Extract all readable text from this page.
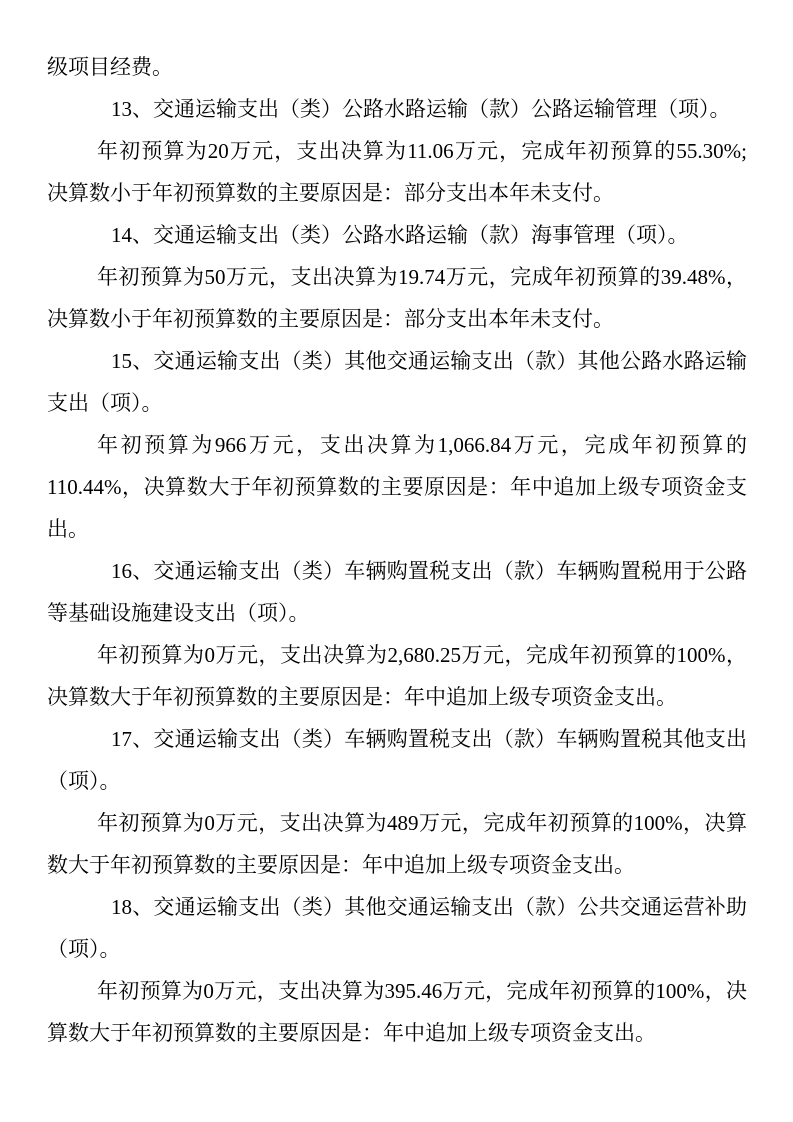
级项目经费。
13、交通运输支出（类）公路水路运输（款）公路运输管理（项）。
年初预算为20万元，支出决算为11.06万元，完成年初预算的55.30%;
决算数小于年初预算数的主要原因是：部分支出本年未支付。
14、交通运输支出（类）公路水路运输（款）海事管理（项）。
年初预算为50万元，支出决算为19.74万元，完成年初预算的39.48%，
决算数小于年初预算数的主要原因是：部分支出本年未支付。
15、交通运输支出（类）其他交通运输支出（款）其他公路水路运输
支出（项）。
年初预算为966万元，支出决算为1,066.84万元，完成年初预算的
110.44%，决算数大于年初预算数的主要原因是：年中追加上级专项资金支
出。
16、交通运输支出（类）车辆购置税支出（款）车辆购置税用于公路
等基础设施建设支出（项）。
年初预算为0万元，支出决算为2,680.25万元，完成年初预算的100%，
决算数大于年初预算数的主要原因是：年中追加上级专项资金支出。
17、交通运输支出（类）车辆购置税支出（款）车辆购置税其他支出
（项）。
年初预算为0万元，支出决算为489万元，完成年初预算的100%，决算
数大于年初预算数的主要原因是：年中追加上级专项资金支出。
18、交通运输支出（类）其他交通运输支出（款）公共交通运营补助
（项）。
年初预算为0万元，支出决算为395.46万元，完成年初预算的100%，决
算数大于年初预算数的主要原因是：年中追加上级专项资金支出。
